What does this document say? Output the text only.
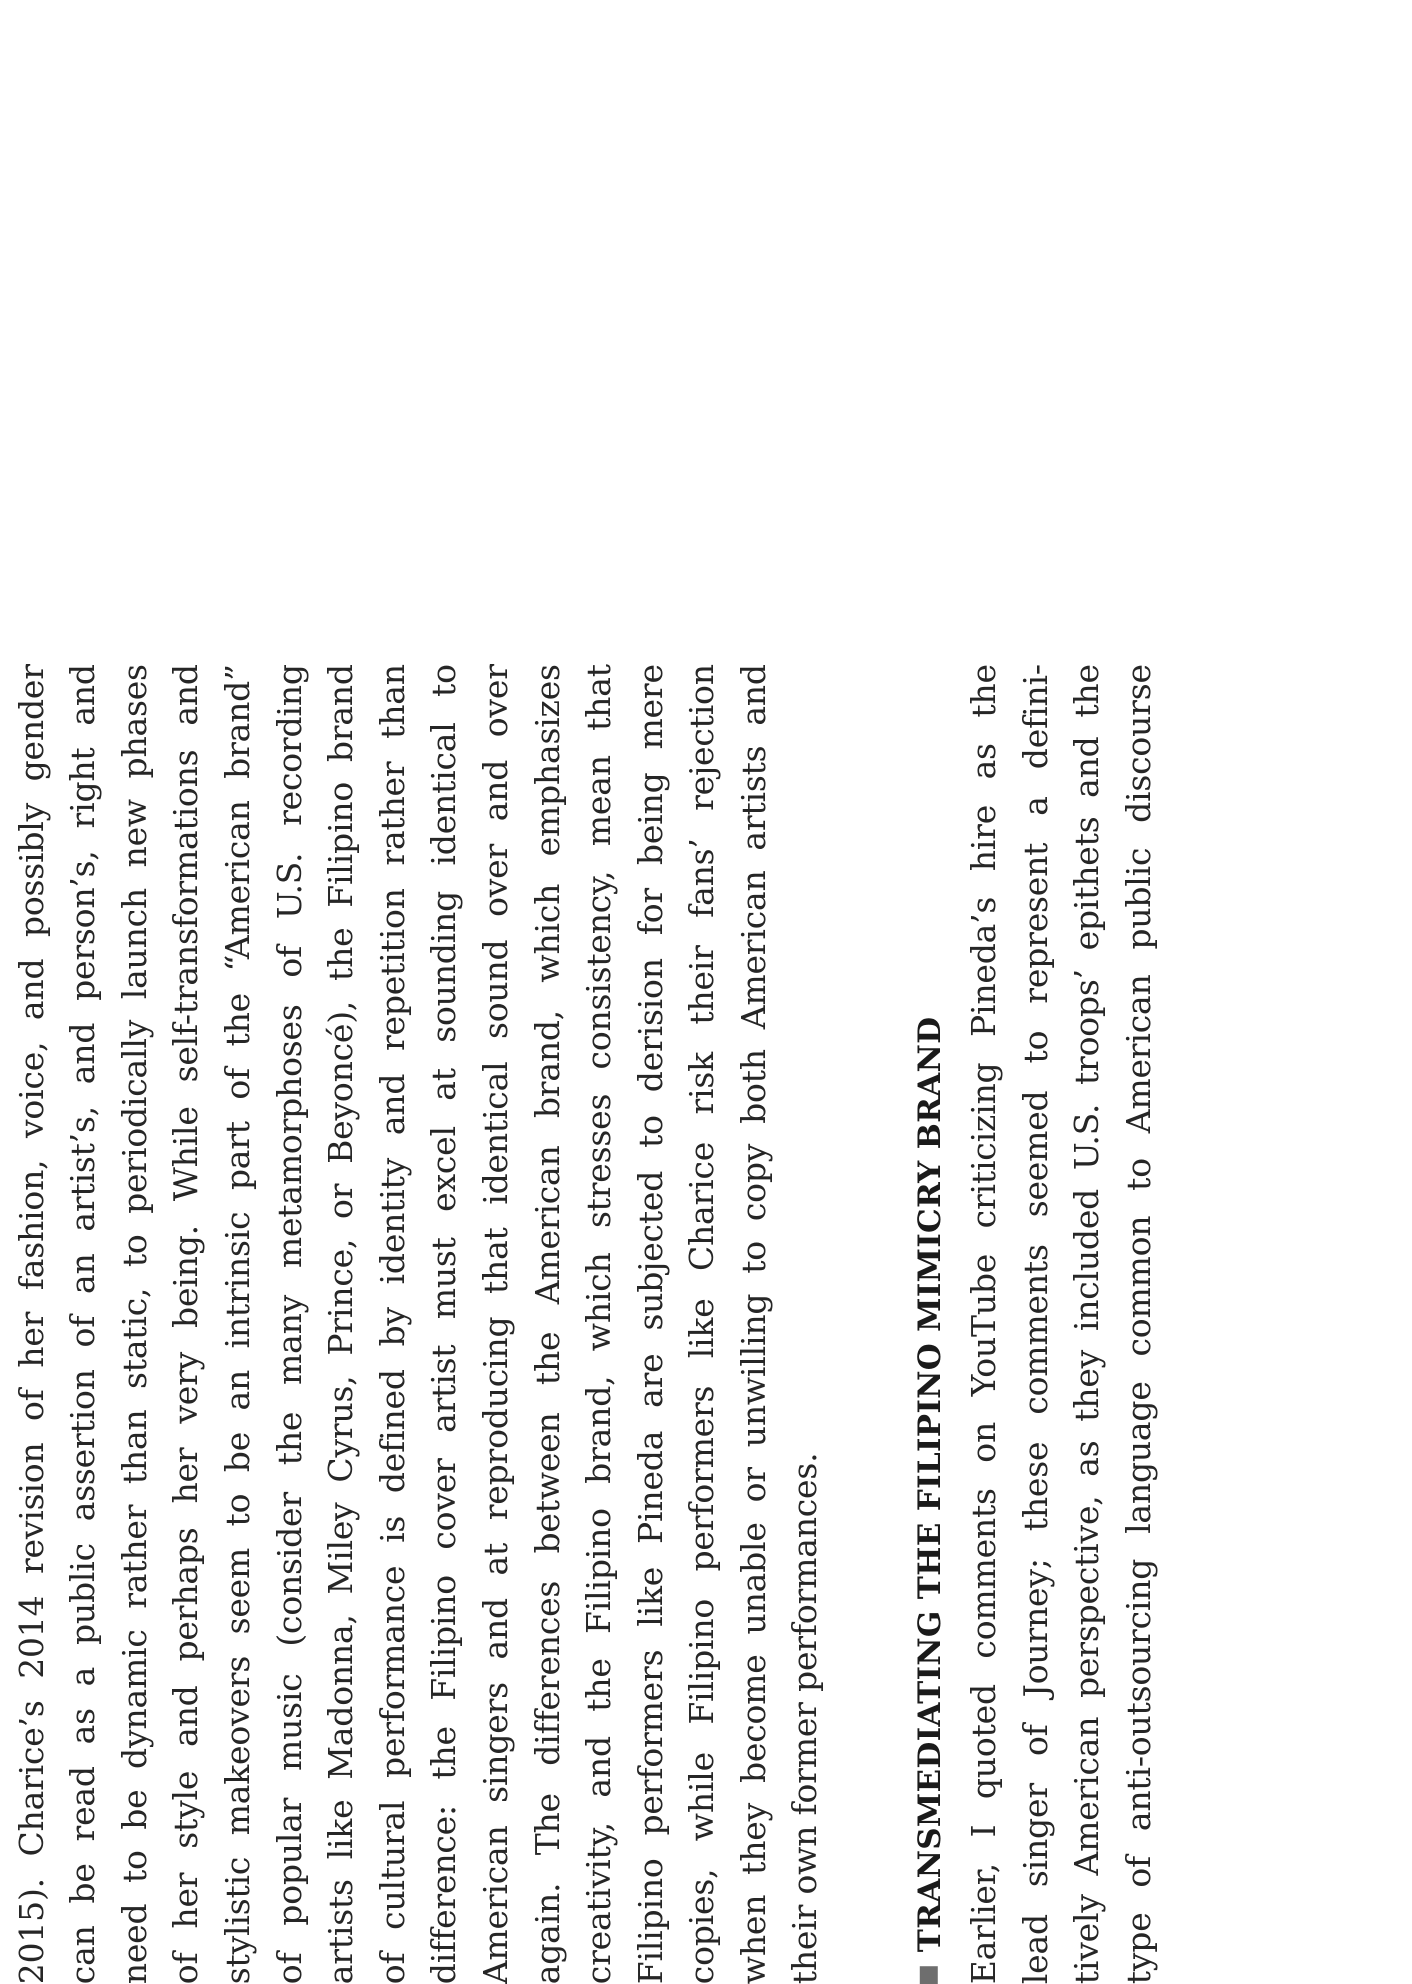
2015). Charice’s 2014 revision of her fashion, voice, and possibly gender can be read as a public assertion of an artist’s, and person’s, right and need to be dynamic rather than static, to periodically launch new phases of her style and perhaps her very being. While self-transformations and stylistic makeovers seem to be an intrinsic part of the “American brand” of popular music (consider the many metamorphoses of U.S. recording artists like Madonna, Miley Cyrus, Prince, or Beyoncé), the Filipino brand of cultural performance is defined by identity and repetition rather than difference: the Filipino cover artist must excel at sounding identical to American singers and at reproducing that identical sound over and over again. The differences between the American brand, which emphasizes creativity, and the Filipino brand, which stresses consistency, mean that Filipino performers like Pineda are subjected to derision for being mere copies, while Filipino performers like Charice risk their fans’ rejection when they become unable or unwilling to copy both American artists and their own former performances.	TRANSMEDIATING THE FILIPINO MIMICRY BRAND Earlier, I quoted comments on YouTube criticizing Pineda’s hire as the lead singer of Journey; these comments seemed to represent a defini- tively American perspective, as they included U.S. troops’ epithets and the type of anti-outsourcing language common to American public discourse
